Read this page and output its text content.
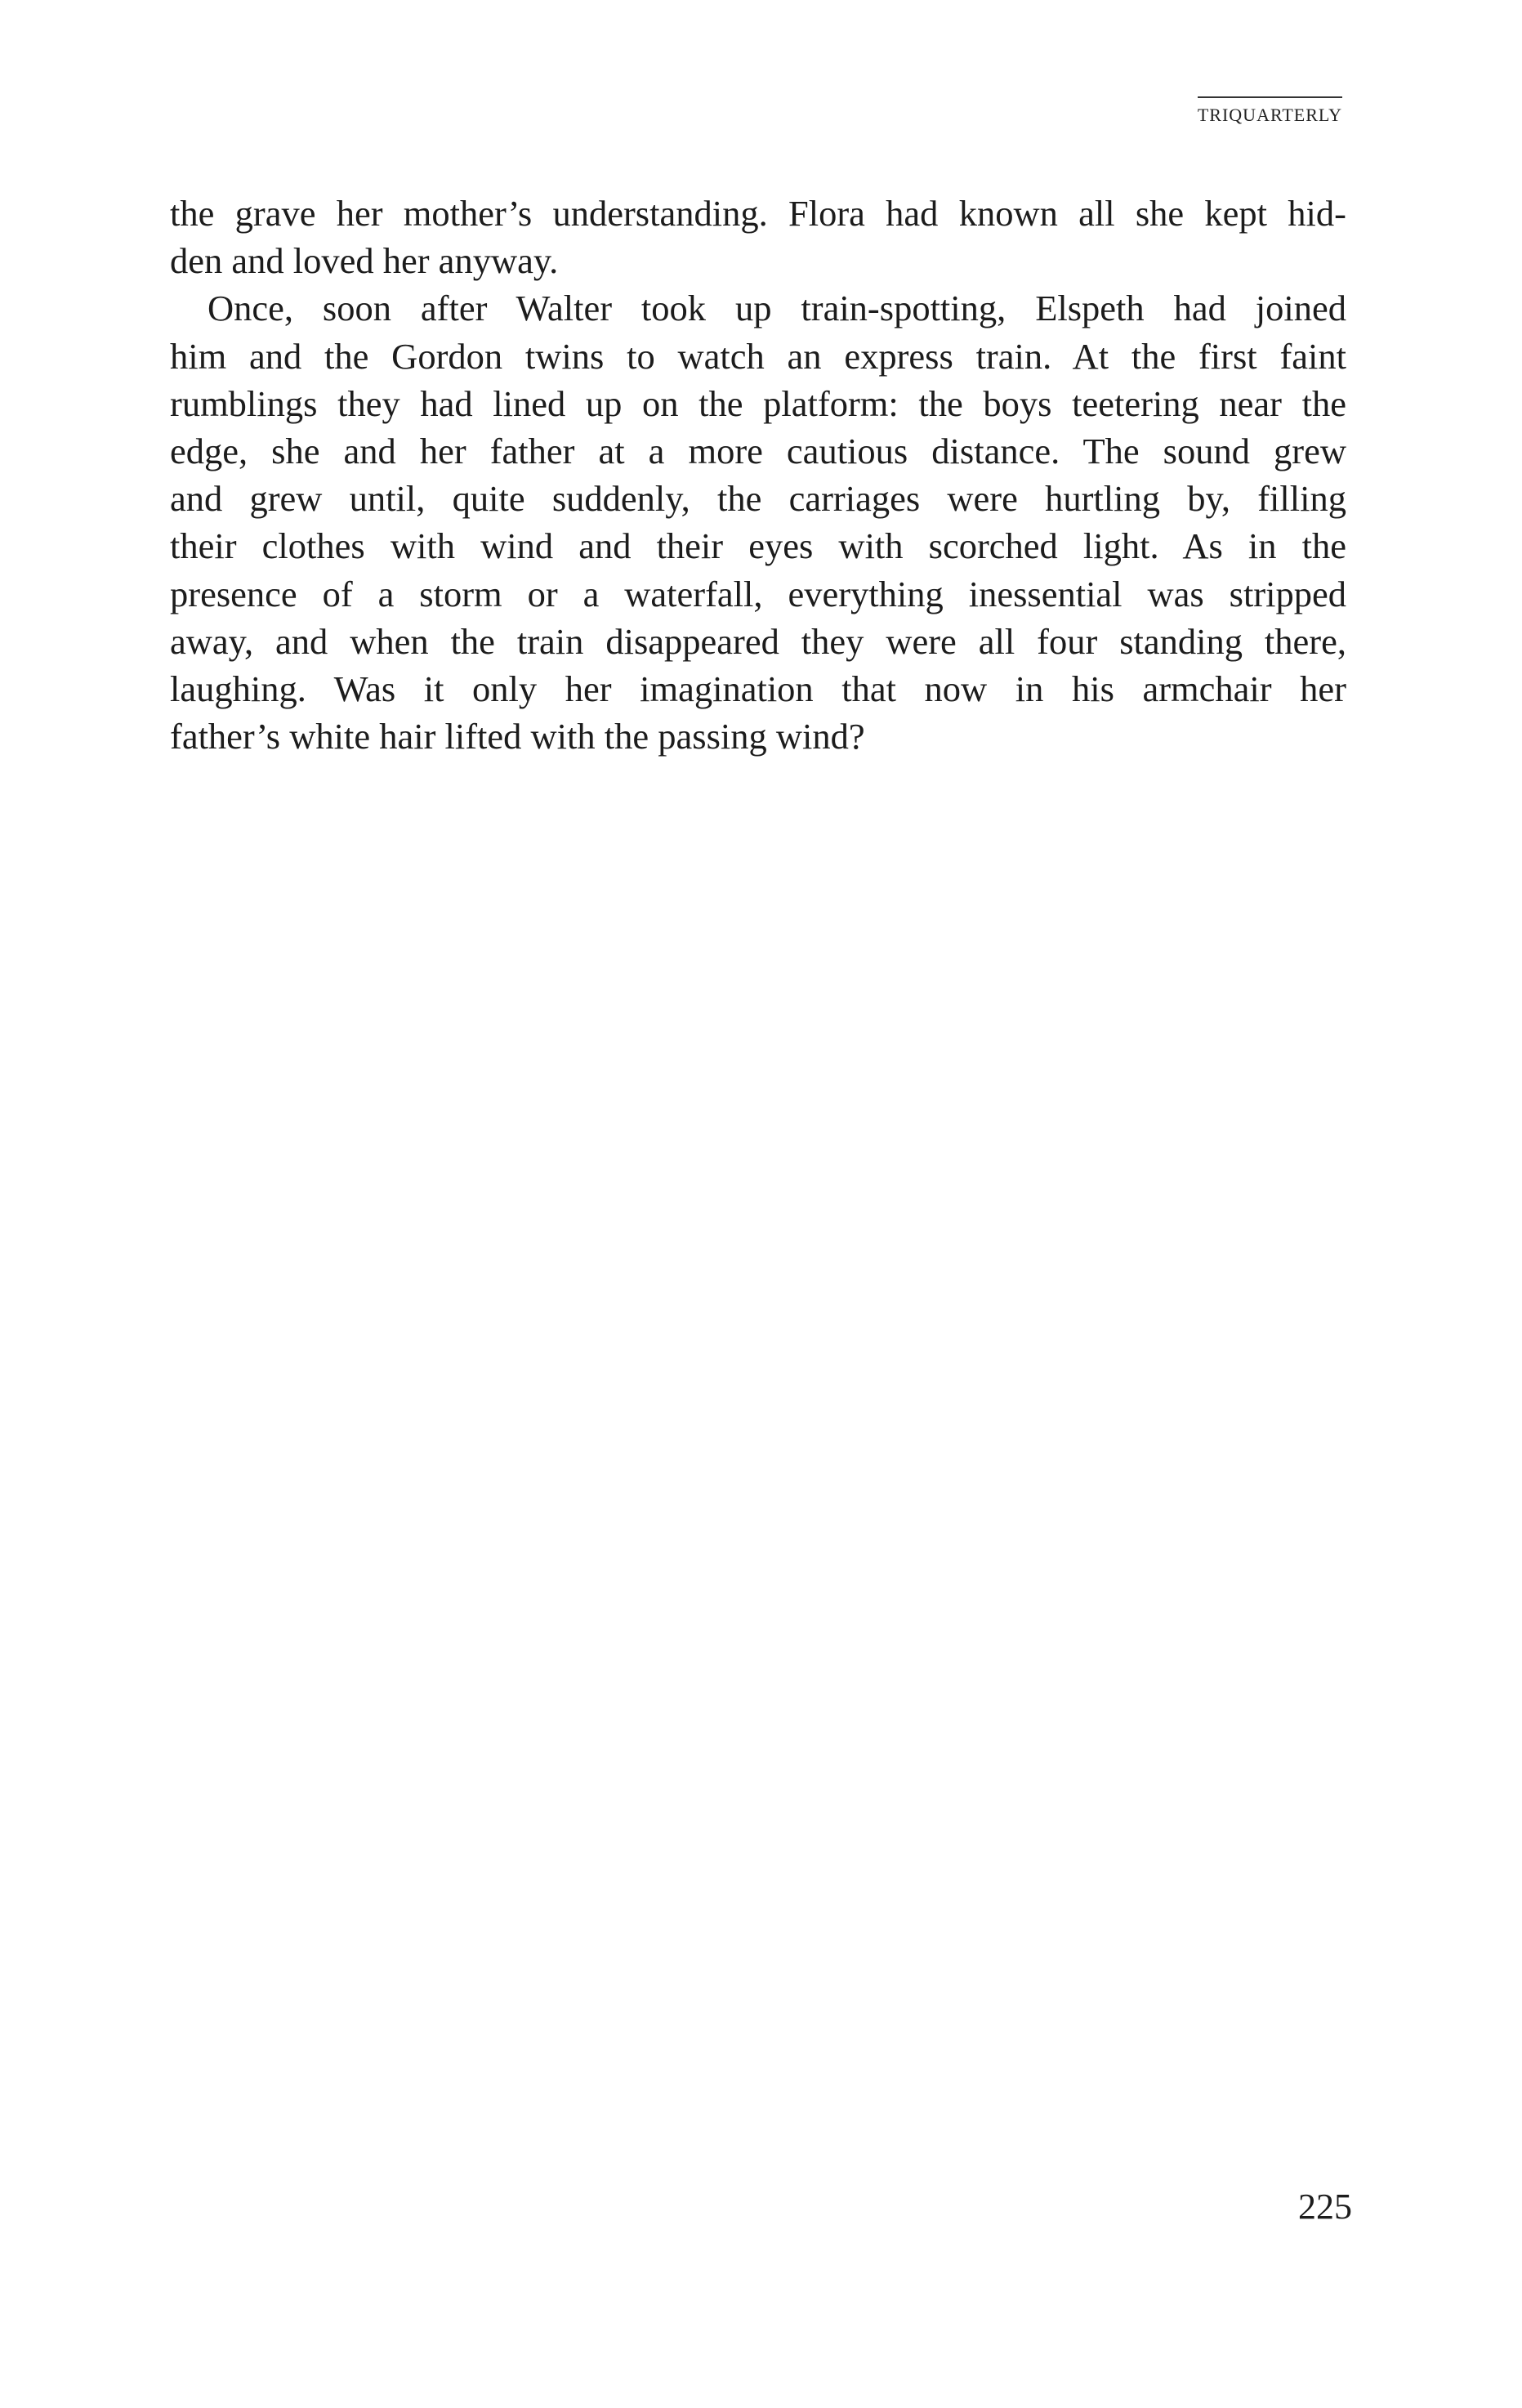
TRIQUARTERLY
the grave her mother’s understanding. Flora had known all she kept hid-
den and loved her anyway.
Once, soon after Walter took up train-spotting, Elspeth had joined
him and the Gordon twins to watch an express train. At the first faint
rumblings they had lined up on the platform: the boys teetering near the
edge, she and her father at a more cautious distance. The sound grew
and grew until, quite suddenly, the carriages were hurtling by, filling
their clothes with wind and their eyes with scorched light. As in the
presence of a storm or a waterfall, everything inessential was stripped
away, and when the train disappeared they were all four standing there,
laughing. Was it only her imagination that now in his armchair her
father’s white hair lifted with the passing wind?
225
